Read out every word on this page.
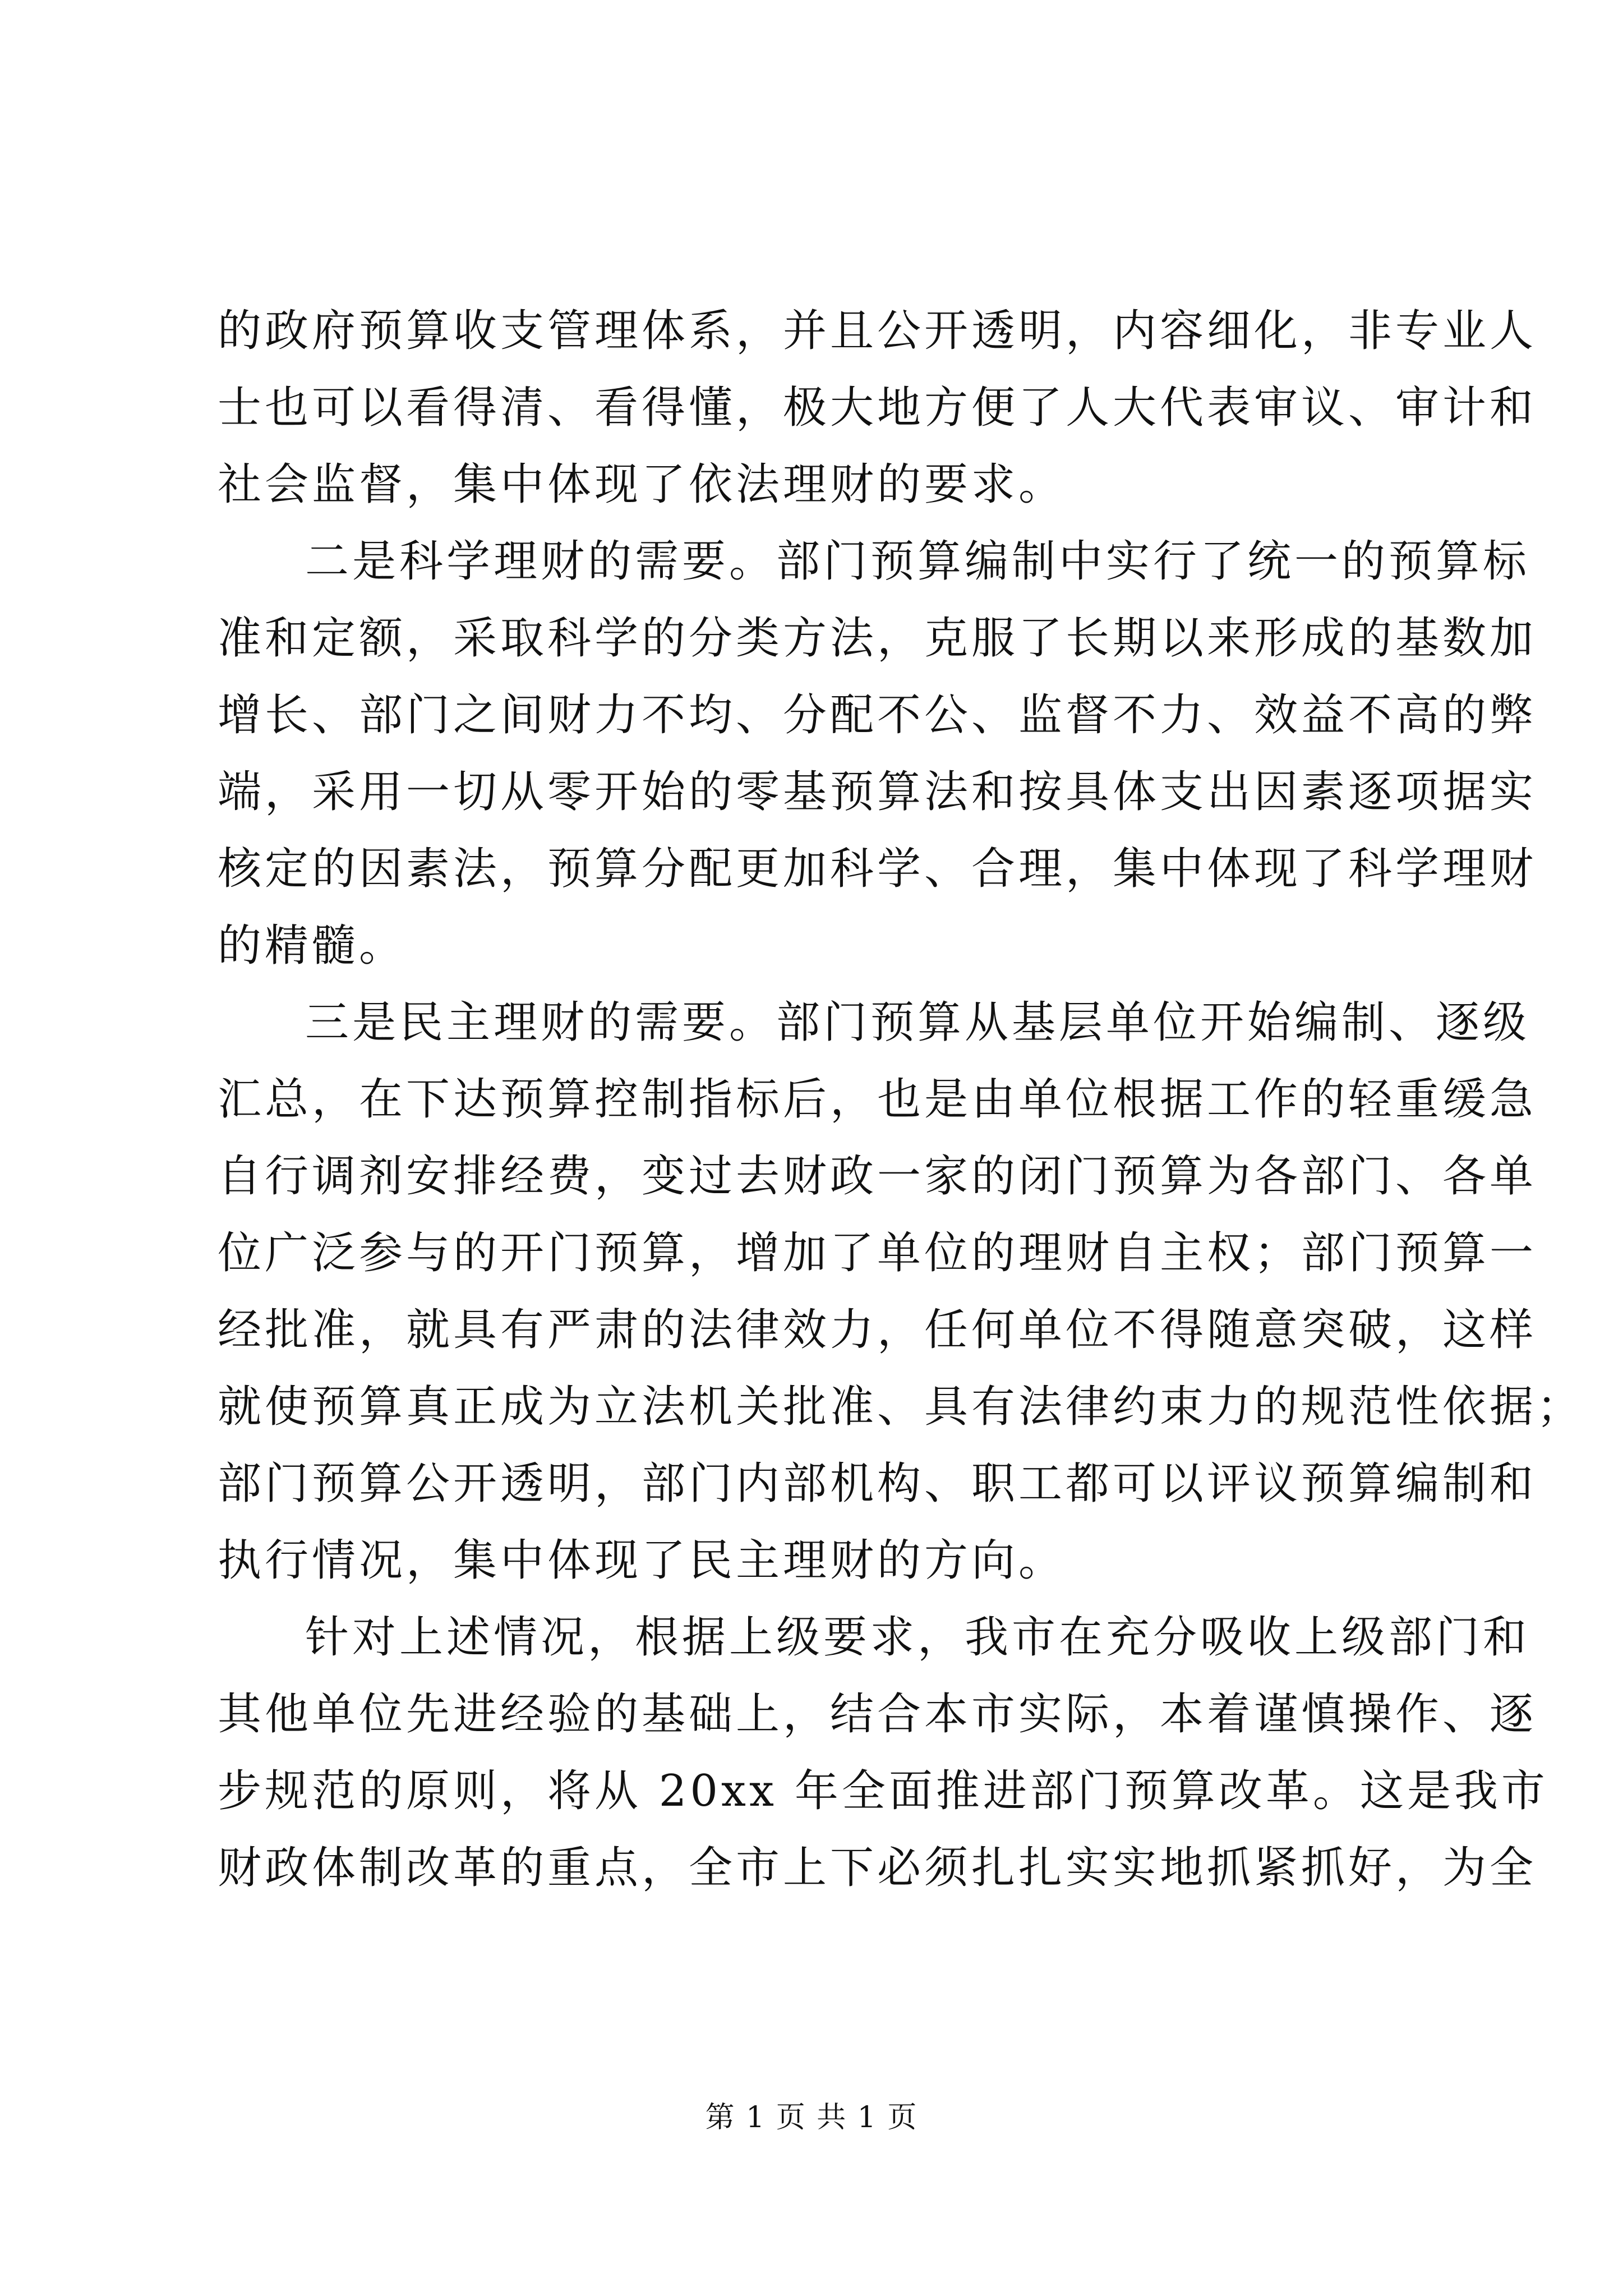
的政府预算收支管理体系，并且公开透明，内容细化，非专业人
士也可以看得清、看得懂，极大地方便了人大代表审议、审计和
社会监督，集中体现了依法理财的要求。
二是科学理财的需要。部门预算编制中实行了统一的预算标
准和定额，采取科学的分类方法，克服了长期以来形成的基数加
增长、部门之间财力不均、分配不公、监督不力、效益不高的弊
端，采用一切从零开始的零基预算法和按具体支出因素逐项据实
核定的因素法，预算分配更加科学、合理，集中体现了科学理财
的精髓。
三是民主理财的需要。部门预算从基层单位开始编制、逐级
汇总，在下达预算控制指标后，也是由单位根据工作的轻重缓急
自行调剂安排经费，变过去财政一家的闭门预算为各部门、各单
位广泛参与的开门预算，增加了单位的理财自主权；部门预算一
经批准，就具有严肃的法律效力，任何单位不得随意突破，这样
就使预算真正成为立法机关批准、具有法律约束力的规范性依据；
部门预算公开透明，部门内部机构、职工都可以评议预算编制和
执行情况，集中体现了民主理财的方向。
针对上述情况，根据上级要求，我市在充分吸收上级部门和
其他单位先进经验的基础上，结合本市实际，本着谨慎操作、逐
步规范的原则，将从 20xx 年全面推进部门预算改革。这是我市
财政体制改革的重点，全市上下必须扎扎实实地抓紧抓好，为全
第 1 页 共 1 页
